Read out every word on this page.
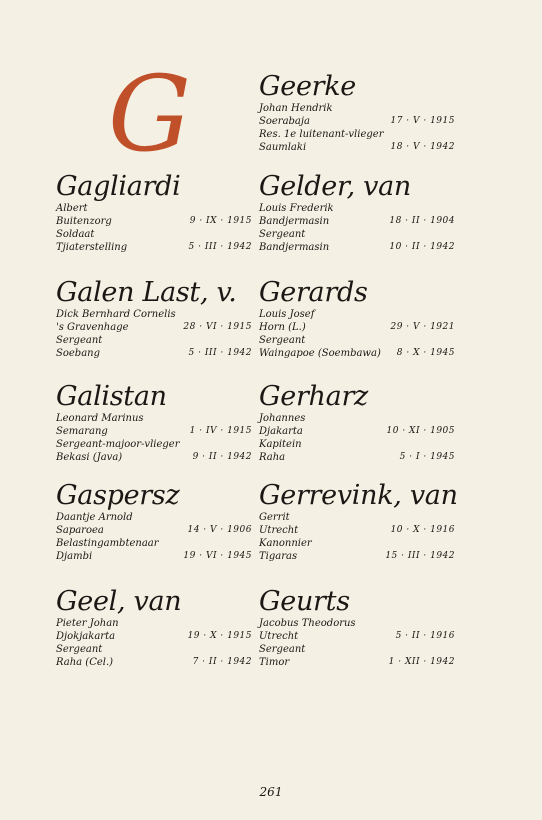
G
Gagliardi
Albert
Buitenzorg	9 · IX · 1915
Soldaat
Tjiaterstelling	5 · III · 1942
Galen Last, v.
Dick Bernhard Cornelis
's Gravenhage	28 · VI · 1915
Sergeant
Soebang	5 · III · 1942
Galistan
Leonard Marinus
Semarang	1 · IV · 1915
Sergeant-majoor-vlieger
Bekasi (Java)	9 · II · 1942
Gaspersz
Daantje Arnold
Saparoea	14 · V · 1906
Belastingambtenaar
Djambi	19 · VI · 1945
Geel, van
Pieter Johan
Djokjakarta	19 · X · 1915
Sergeant
Raha (Cel.)	7 · II · 1942
Geerke
Johan Hendrik
Soerabaja	17 · V · 1915
Res. 1e luitenant-vlieger
Saumlaki	18 · V · 1942
Gelder, van
Louis Frederik
Bandjermasin	18 · II · 1904
Sergeant
Bandjermasin	10 · II · 1942
Gerards
Louis Josef
Horn (L.)	29 · V · 1921
Sergeant
Waingapoe (Soembawa) 8 · X · 1945
Gerharz
Johannes
Djakarta	10 · XI · 1905
Kapitein
Raha	5 · I · 1945
Gerrevink, van
Gerrit
Utrecht	10 · X · 1916
Kanonnier
Tigaras	15 · III · 1942
Geurts
Jacobus Theodorus
Utrecht	5 · II · 1916
Sergeant
Timor	1 · XII · 1942
261
